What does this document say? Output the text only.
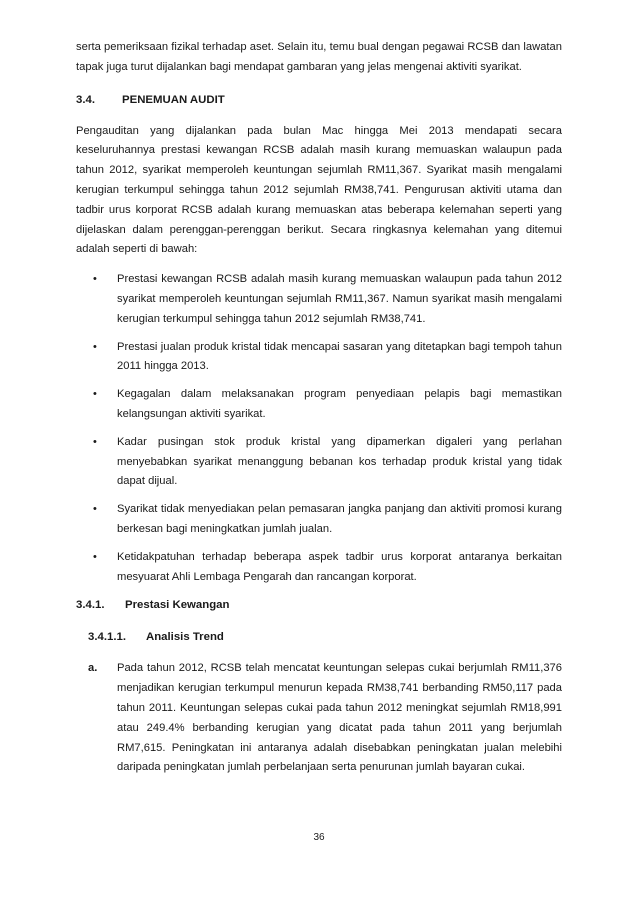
serta pemeriksaan fizikal terhadap aset. Selain itu, temu bual dengan pegawai RCSB dan lawatan tapak juga turut dijalankan bagi mendapat gambaran yang jelas mengenai aktiviti syarikat.

3.4.	PENEMUAN AUDIT

Pengauditan yang dijalankan pada bulan Mac hingga Mei 2013 mendapati secara keseluruhannya prestasi kewangan RCSB adalah masih kurang memuaskan walaupun pada tahun 2012, syarikat memperoleh keuntungan sejumlah RM11,367. Syarikat masih mengalami kerugian terkumpul sehingga tahun 2012 sejumlah RM38,741. Pengurusan aktiviti utama dan tadbir urus korporat RCSB adalah kurang memuaskan atas beberapa kelemahan seperti yang dijelaskan dalam perenggan-perenggan berikut. Secara ringkasnya kelemahan yang ditemui adalah seperti di bawah:

• Prestasi kewangan RCSB adalah masih kurang memuaskan walaupun pada tahun 2012 syarikat memperoleh keuntungan sejumlah RM11,367. Namun syarikat masih mengalami kerugian terkumpul sehingga tahun 2012 sejumlah RM38,741.
• Prestasi jualan produk kristal tidak mencapai sasaran yang ditetapkan bagi tempoh tahun 2011 hingga 2013.
• Kegagalan dalam melaksanakan program penyediaan pelapis bagi memastikan kelangsungan aktiviti syarikat.
• Kadar pusingan stok produk kristal yang dipamerkan digaleri yang perlahan menyebabkan syarikat menanggung bebanan kos terhadap produk kristal yang tidak dapat dijual.
• Syarikat tidak menyediakan pelan pemasaran jangka panjang dan aktiviti promosi kurang berkesan bagi meningkatkan jumlah jualan.
• Ketidakpatuhan terhadap beberapa aspek tadbir urus korporat antaranya berkaitan mesyuarat Ahli Lembaga Pengarah dan rancangan korporat.
3.4.1.	Prestasi Kewangan
3.4.1.1.	Analisis Trend
a.	Pada tahun 2012, RCSB telah mencatat keuntungan selepas cukai berjumlah RM11,376 menjadikan kerugian terkumpul menurun kepada RM38,741 berbanding RM50,117 pada tahun 2011. Keuntungan selepas cukai pada tahun 2012 meningkat sejumlah RM18,991 atau 249.4% berbanding kerugian yang dicatat pada tahun 2011 yang berjumlah RM7,615. Peningkatan ini antaranya adalah disebabkan peningkatan jualan melebihi daripada peningkatan jumlah perbelanjaan serta penurunan jumlah bayaran cukai.
36
